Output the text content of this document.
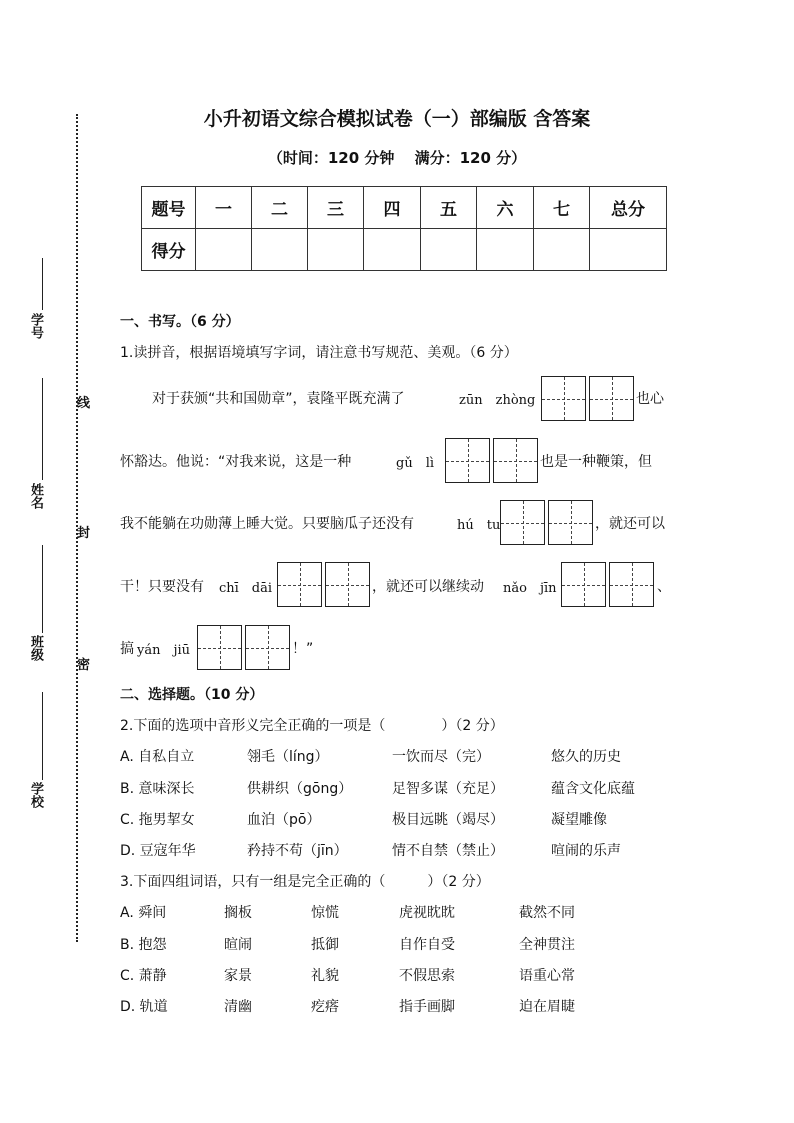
学号
姓名
班级
学校
线
封
密
小升初语文综合模拟试卷（一）部编版 含答案
（时间：120 分钟　 满分：120 分）
题号	一	二	三	四	五	六	七	总分
得分								
一、书写。（6 分）
1.读拼音，根据语境填写字词，请注意书写规范、美观。（6 分）
对于获颁“共和国勋章”，袁隆平既充满了	zūn　zhòng	也心
怀豁达。他说：“对我来说，这是一种	gǔ　lì	也是一种鞭策，但
我不能躺在功勋薄上睡大觉。只要脑瓜子还没有	hú　tu	，就还可以
干！只要没有 chī　dāi	，就还可以继续动 nǎo　jīn	、
搞 yán　jiū	！”
二、选择题。（10 分）
2.下面的选项中音形义完全正确的一项是（　　　　）（2 分）
A. 自私自立	翎毛（líng）	一饮而尽（完）	悠久的历史
B. 意味深长	供耕织（gōng）	足智多谋（充足）	蕴含文化底蕴
C. 拖男挈女	血泊（pō）	极目远眺（竭尽）	凝望雕像
D. 豆寇年华	矜持不苟（jīn）	情不自禁（禁止）	喧闹的乐声
3.下面四组词语，只有一组是完全正确的（　　　）（2 分）
A. 舜间	搁板	惊慌	虎视眈眈	截然不同
B. 抱怨	暄闹	抵御	自作自受	全神贯注
C. 萧静	家景	礼貌	不假思索	语重心常
D. 轨道	清幽	疙瘩	指手画脚	迫在眉睫
